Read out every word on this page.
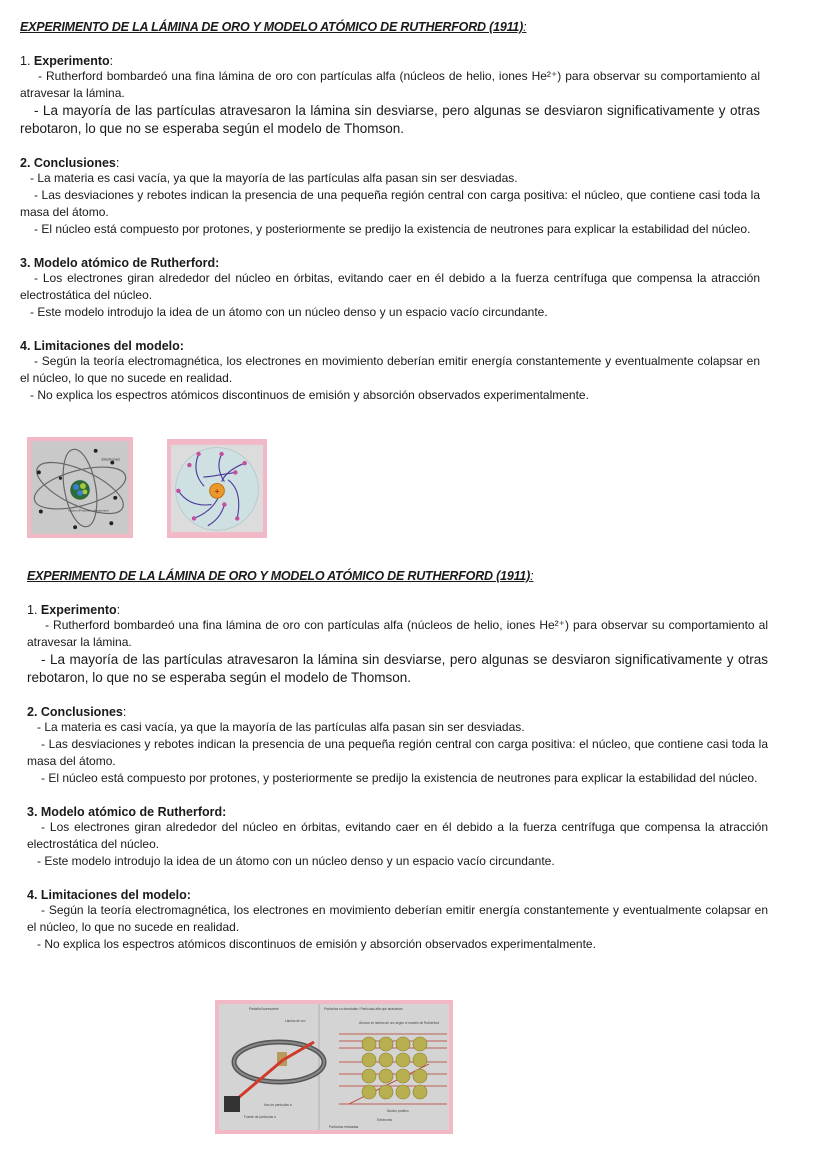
EXPERIMENTO DE LA LÁMINA DE ORO Y MODELO ATÓMICO DE RUTHERFORD (1911):
1. Experimento:
- Rutherford bombardeó una fina lámina de oro con partículas alfa (núcleos de helio, iones He²⁺) para observar su comportamiento al atravesar la lámina.
- La mayoría de las partículas atravesaron la lámina sin desviarse, pero algunas se desviaron significativamente y otras rebotaron, lo que no se esperaba según el modelo de Thomson.
2. Conclusiones:
- La materia es casi vacía, ya que la mayoría de las partículas alfa pasan sin ser desviadas.
- Las desviaciones y rebotes indican la presencia de una pequeña región central con carga positiva: el núcleo, que contiene casi toda la masa del átomo.
- El núcleo está compuesto por protones, y posteriormente se predijo la existencia de neutrones para explicar la estabilidad del núcleo.
3. Modelo atómico de Rutherford:
- Los electrones giran alrededor del núcleo en órbitas, evitando caer en él debido a la fuerza centrífuga que compensa la atracción electrostática del núcleo.
- Este modelo introdujo la idea de un átomo con un núcleo denso y un espacio vacío circundante.
4. Limitaciones del modelo:
- Según la teoría electromagnética, los electrones en movimiento deberían emitir energía constantemente y eventualmente colapsar en el núcleo, lo que no sucede en realidad.
- No explica los espectros atómicos discontinuos de emisión y absorción observados experimentalmente.
Electrones
Núcleo (Protones + Neutrones)
+
EXPERIMENTO DE LA LÁMINA DE ORO Y MODELO ATÓMICO DE RUTHERFORD (1911):
1. Experimento:
- Rutherford bombardeó una fina lámina de oro con partículas alfa (núcleos de helio, iones He²⁺) para observar su comportamiento al atravesar la lámina.
- La mayoría de las partículas atravesaron la lámina sin desviarse, pero algunas se desviaron significativamente y otras rebotaron, lo que no se esperaba según el modelo de Thomson.
2. Conclusiones:
- La materia es casi vacía, ya que la mayoría de las partículas alfa pasan sin ser desviadas.
- Las desviaciones y rebotes indican la presencia de una pequeña región central con carga positiva: el núcleo, que contiene casi toda la masa del átomo.
- El núcleo está compuesto por protones, y posteriormente se predijo la existencia de neutrones para explicar la estabilidad del núcleo.
3. Modelo atómico de Rutherford:
- Los electrones giran alrededor del núcleo en órbitas, evitando caer en él debido a la fuerza centrífuga que compensa la atracción electrostática del núcleo.
- Este modelo introdujo la idea de un átomo con un núcleo denso y un espacio vacío circundante.
4. Limitaciones del modelo:
- Según la teoría electromagnética, los electrones en movimiento deberían emitir energía constantemente y eventualmente colapsar en el núcleo, lo que no sucede en realidad.
- No explica los espectros atómicos discontinuos de emisión y absorción observados experimentalmente.
Pantalla fluorescente
Lámina de oro
Partículas no desviadas / Partículas alfa que atraviesan
Átomos en lámina de oro según el modelo de Rutherford
Haz de partículas α
Fuente de partículas α
Núcleo positivo
Electrones
Partículas rebotadas
